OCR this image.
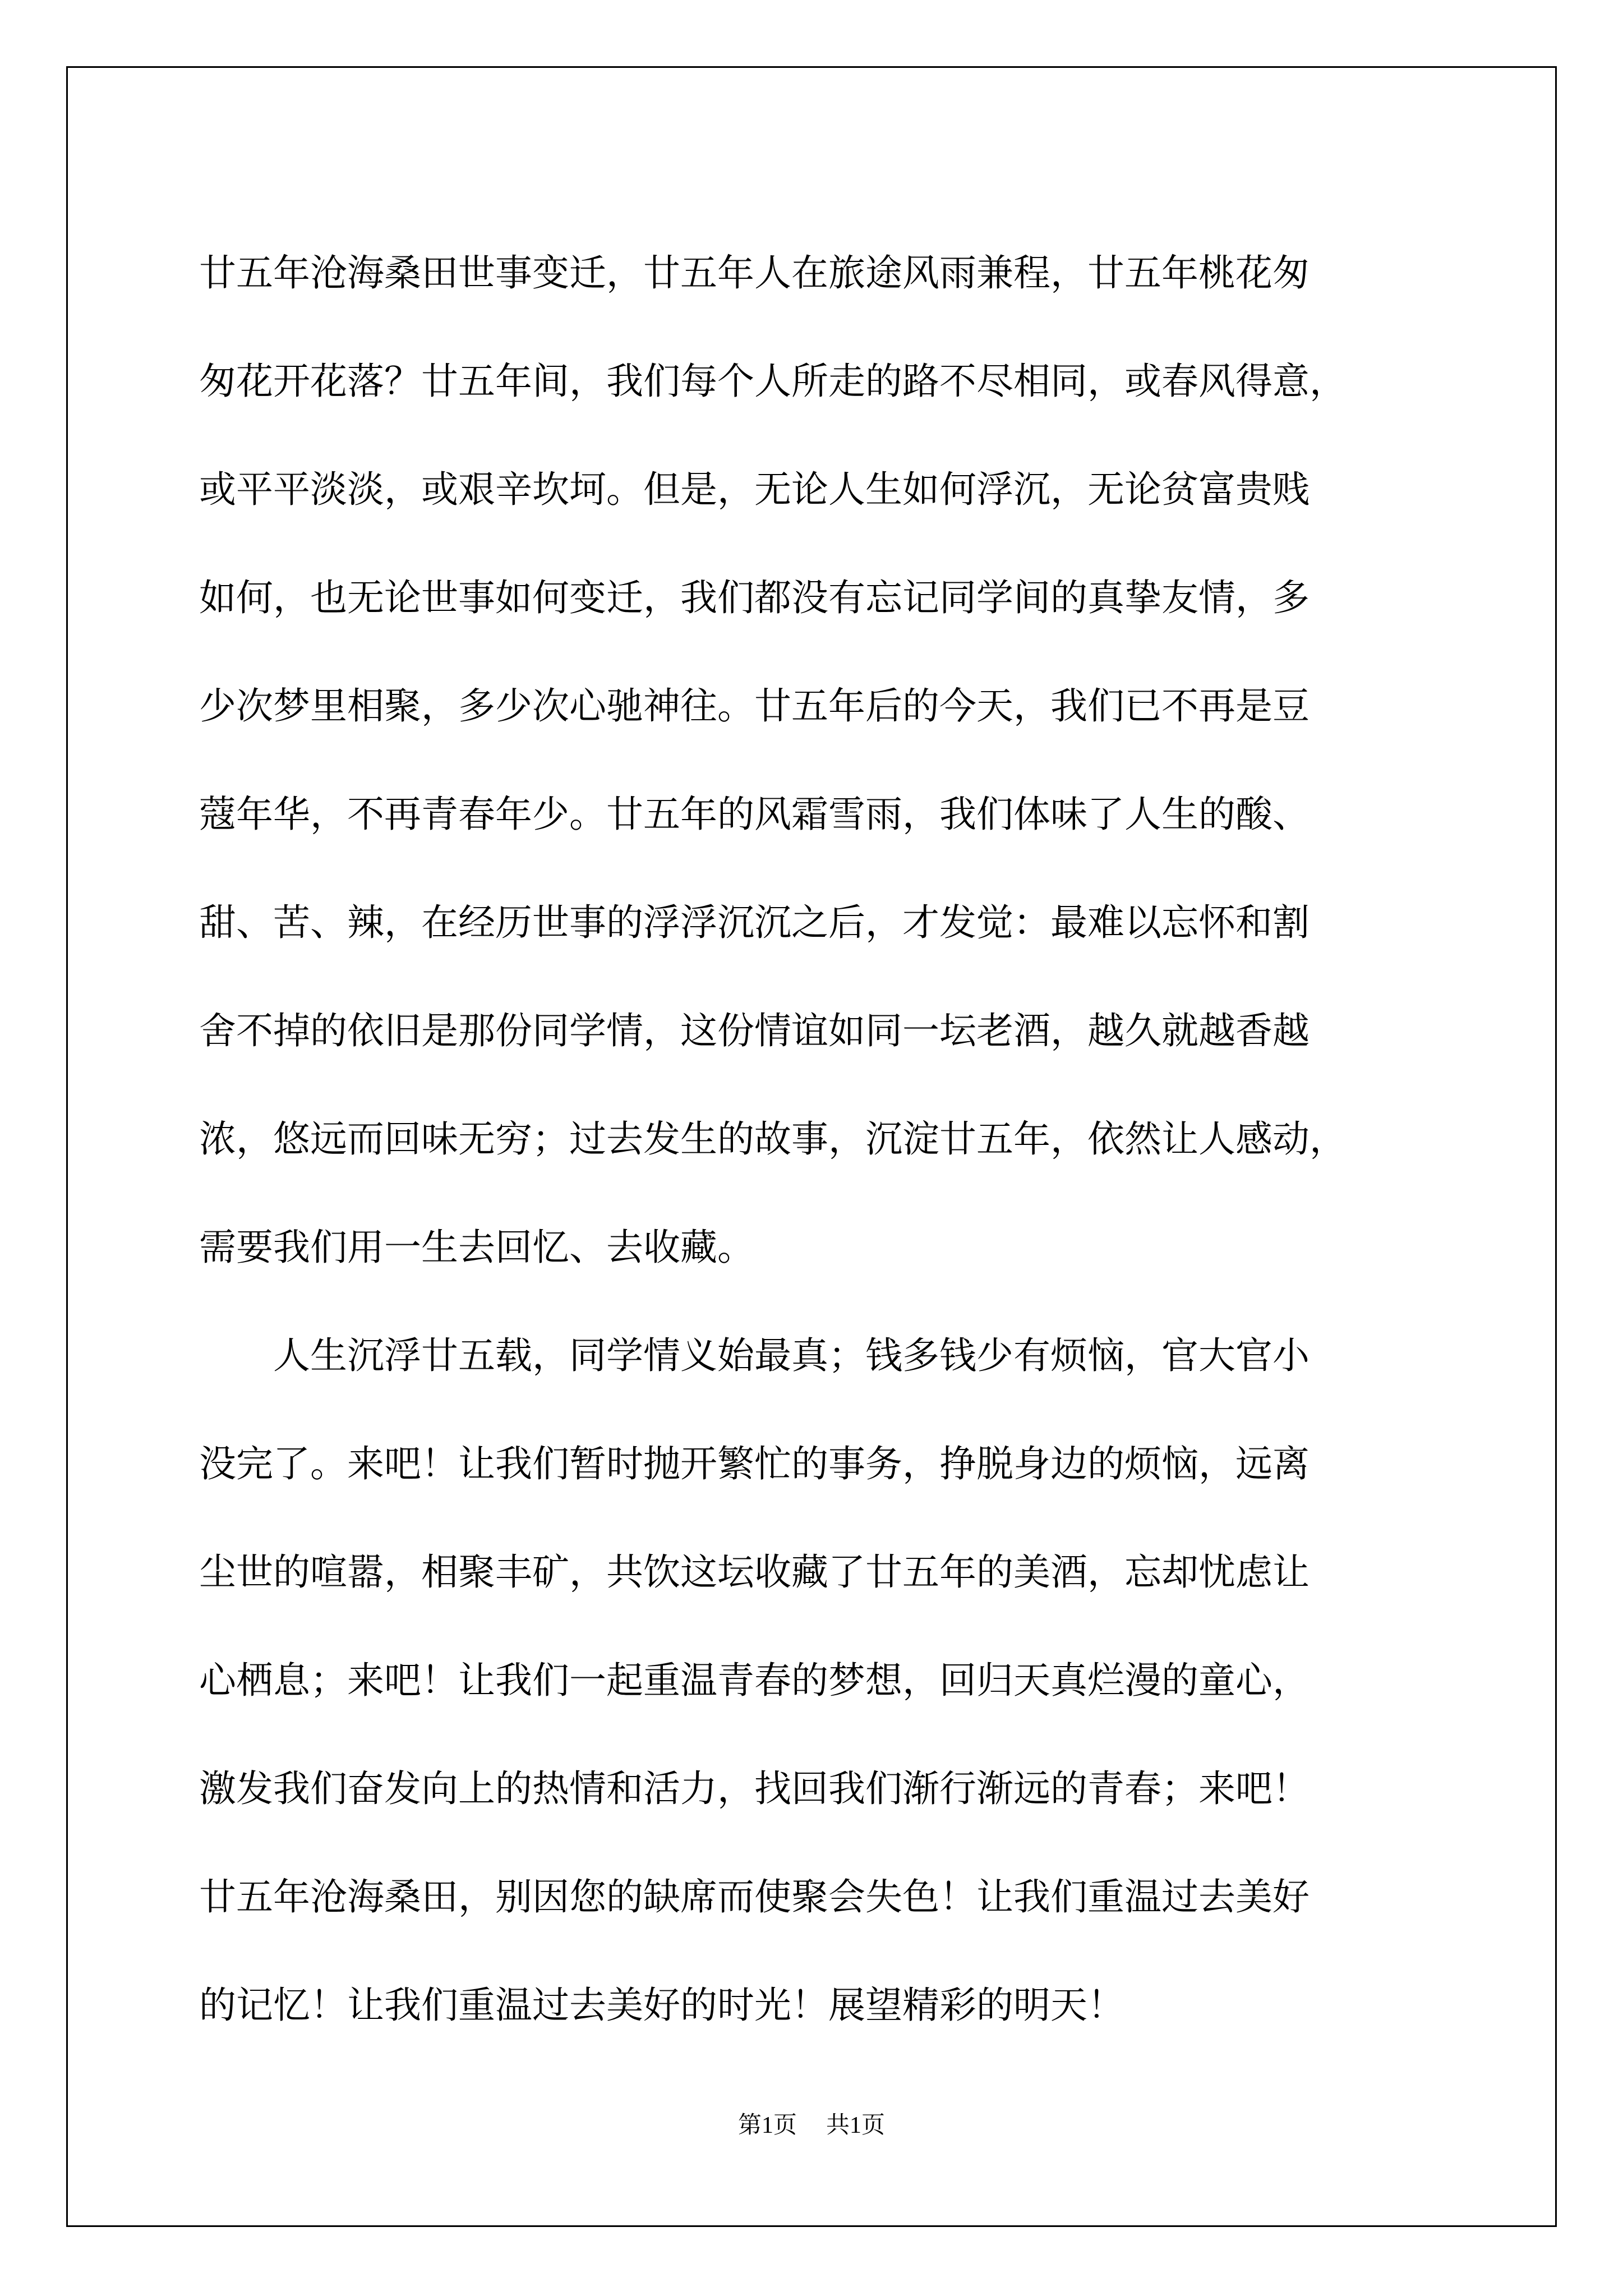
廿五年沧海桑田世事变迁，廿五年人在旅途风雨兼程，廿五年桃花匆
匆花开花落？廿五年间，我们每个人所走的路不尽相同，或春风得意，
或平平淡淡，或艰辛坎坷。但是，无论人生如何浮沉，无论贫富贵贱
如何，也无论世事如何变迁，我们都没有忘记同学间的真挚友情，多
少次梦里相聚，多少次心驰神往。廿五年后的今天，我们已不再是豆
蔻年华，不再青春年少。廿五年的风霜雪雨，我们体味了人生的酸、
甜、苦、辣，在经历世事的浮浮沉沉之后，才发觉：最难以忘怀和割
舍不掉的依旧是那份同学情，这份情谊如同一坛老酒，越久就越香越
浓，悠远而回味无穷；过去发生的故事，沉淀廿五年，依然让人感动，
需要我们用一生去回忆、去收藏。
　　人生沉浮廿五载，同学情义始最真；钱多钱少有烦恼，官大官小
没完了。来吧！让我们暂时抛开繁忙的事务，挣脱身边的烦恼，远离
尘世的喧嚣，相聚丰矿，共饮这坛收藏了廿五年的美酒，忘却忧虑让
心栖息；来吧！让我们一起重温青春的梦想，回归天真烂漫的童心，
激发我们奋发向上的热情和活力，找回我们渐行渐远的青春；来吧！
廿五年沧海桑田，别因您的缺席而使聚会失色！让我们重温过去美好
的记忆！让我们重温过去美好的时光！展望精彩的明天！
第1页 共1页
